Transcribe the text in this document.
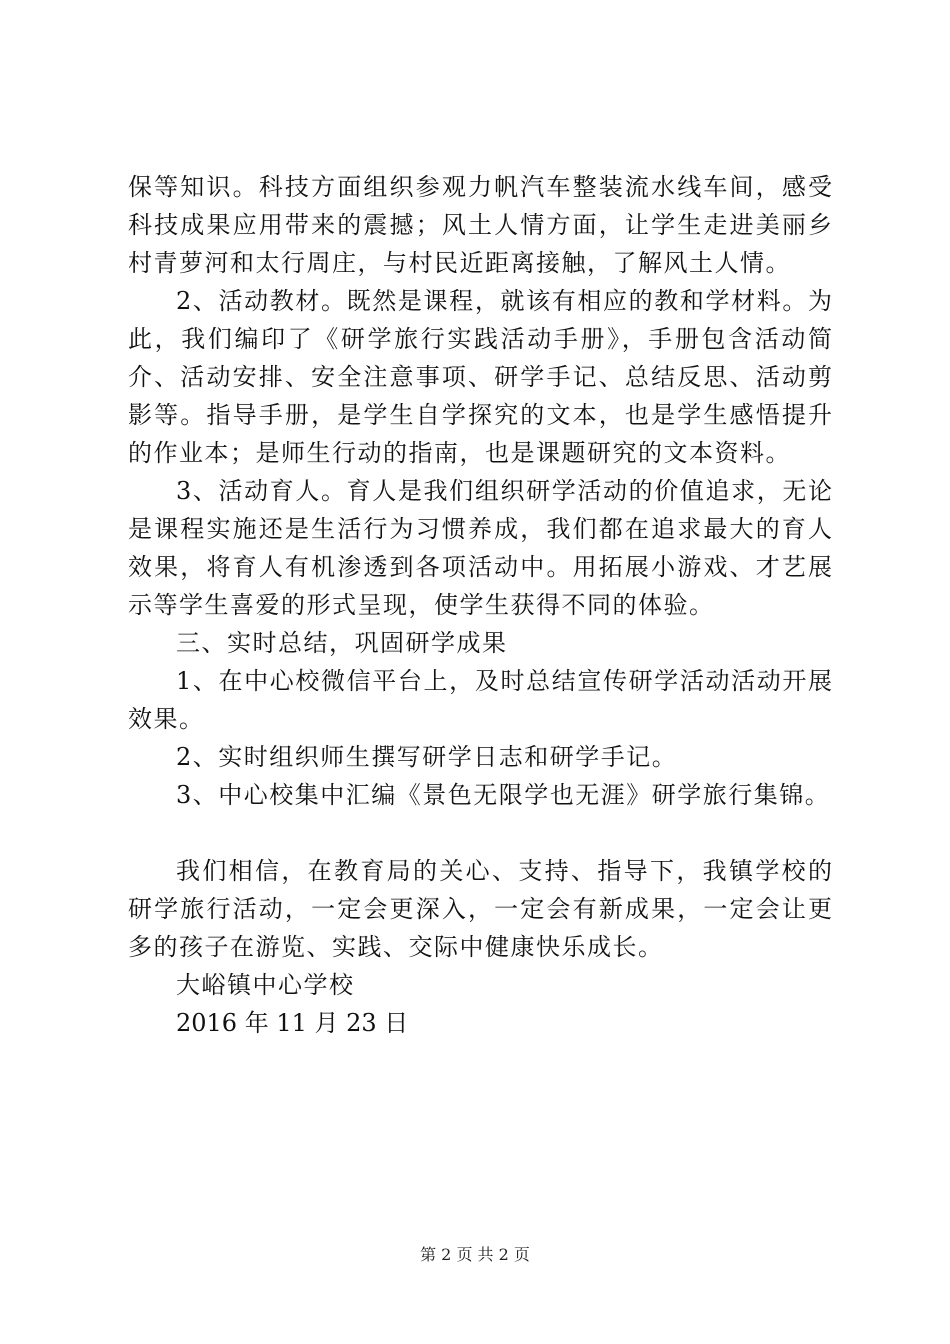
保等知识。科技方面组织参观力帆汽车整装流水线车间，感受
科技成果应用带来的震撼；风土人情方面，让学生走进美丽乡
村青萝河和太行周庄，与村民近距离接触，了解风土人情。
2、活动教材。既然是课程，就该有相应的教和学材料。为
此，我们编印了《研学旅行实践活动手册》，手册包含活动简
介、活动安排、安全注意事项、研学手记、总结反思、活动剪
影等。指导手册，是学生自学探究的文本，也是学生感悟提升
的作业本；是师生行动的指南，也是课题研究的文本资料。
3、活动育人。育人是我们组织研学活动的价值追求，无论
是课程实施还是生活行为习惯养成，我们都在追求最大的育人
效果，将育人有机渗透到各项活动中。用拓展小游戏、才艺展
示等学生喜爱的形式呈现，使学生获得不同的体验。
三、实时总结，巩固研学成果
1、在中心校微信平台上，及时总结宣传研学活动活动开展
效果。
2、实时组织师生撰写研学日志和研学手记。
3、中心校集中汇编《景色无限学也无涯》研学旅行集锦。
我们相信，在教育局的关心、支持、指导下，我镇学校的
研学旅行活动，一定会更深入，一定会有新成果，一定会让更
多的孩子在游览、实践、交际中健康快乐成长。
大峪镇中心学校
2016 年 11 月 23 日
第 2 页 共 2 页
